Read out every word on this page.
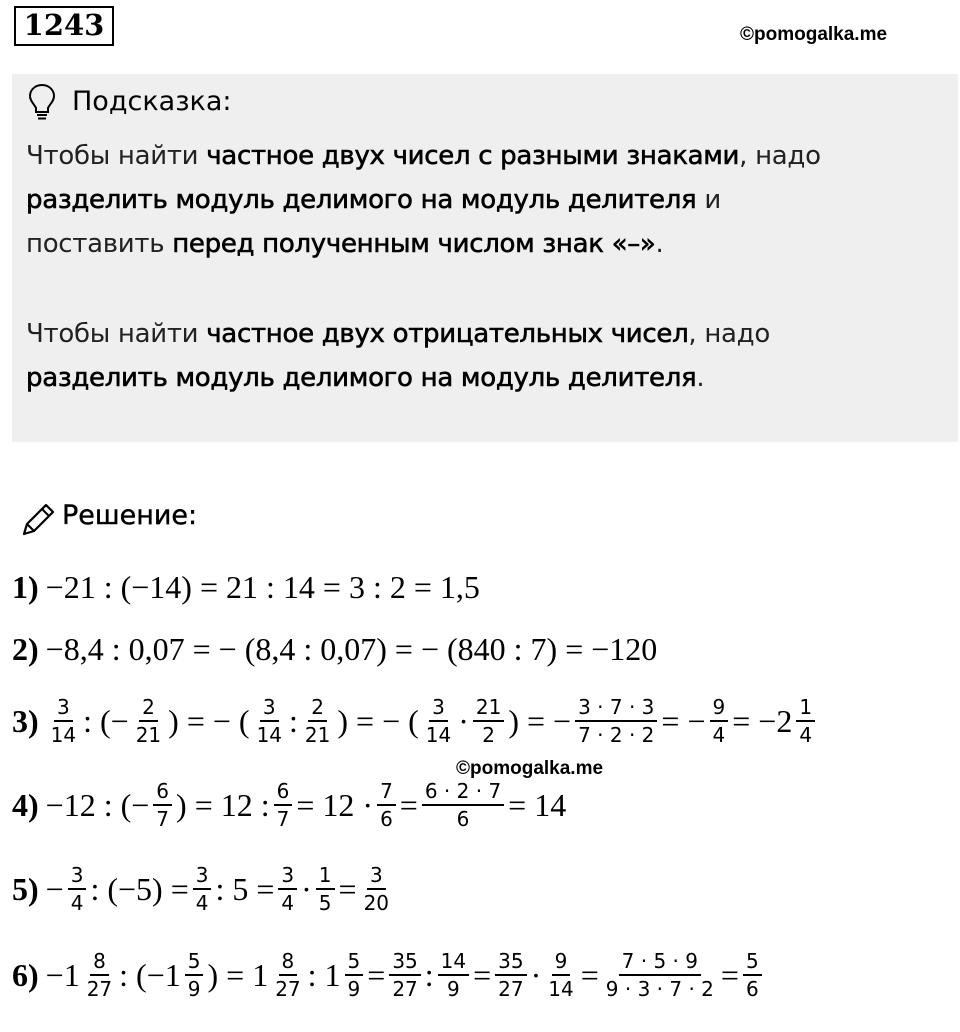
1243	©pomogalka.me
Подсказка:
Чтобы найти частное двух чисел с разными знаками, надо
разделить модуль делимого на модуль делителя и
поставить перед полученным числом знак «–».
Чтобы найти частное двух отрицательных чисел, надо
разделить модуль делимого на модуль делителя.
Решение:
1) −21 : (−14) = 21 : 14 = 3 : 2 = 1,5
2) −8,4 : 0,07 = − (8,4 : 0,07) = − (840 : 7) = −120
$3) \frac{3}{14}$ : (− $\frac{2}{21}$ ) = − ( $\frac{3}{14}$ : $\frac{2}{21}$ ) = − ( $\frac{3}{14} \cdot \frac{21}{2}$ ) = − $\frac{3 \cdot 7 \cdot 3}{7 \cdot 2 \cdot 2}$ = − $\frac{9}{4} = -2 \frac{1}{4}$
©pomogalka.me
4) −12 : (− $\frac{6}{7}$ ) = 12 : $\frac{6}{7} = 12 \cdot \frac{7}{6} = \frac{6 \cdot 2 \cdot 7}{6} = 14$
$5) - \frac{3}{4}$ : $(-5) = \frac{3}{4}$ : $5 = \frac{3}{4} \cdot \frac{1}{5} = \frac{3}{20}$
$6) -1 \frac{8}{27}$ : ($-1 \frac{5}{9}$ ) = $1 \frac{8}{27}$ : $1 \frac{5}{9} = \frac{35}{27}$ : $\frac{14}{9} = \frac{35}{27} \cdot \frac{9}{14} = \frac{7 \cdot 5 \cdot 9}{9 \cdot 3 \cdot 7 \cdot 2} = \frac{5}{6}$
